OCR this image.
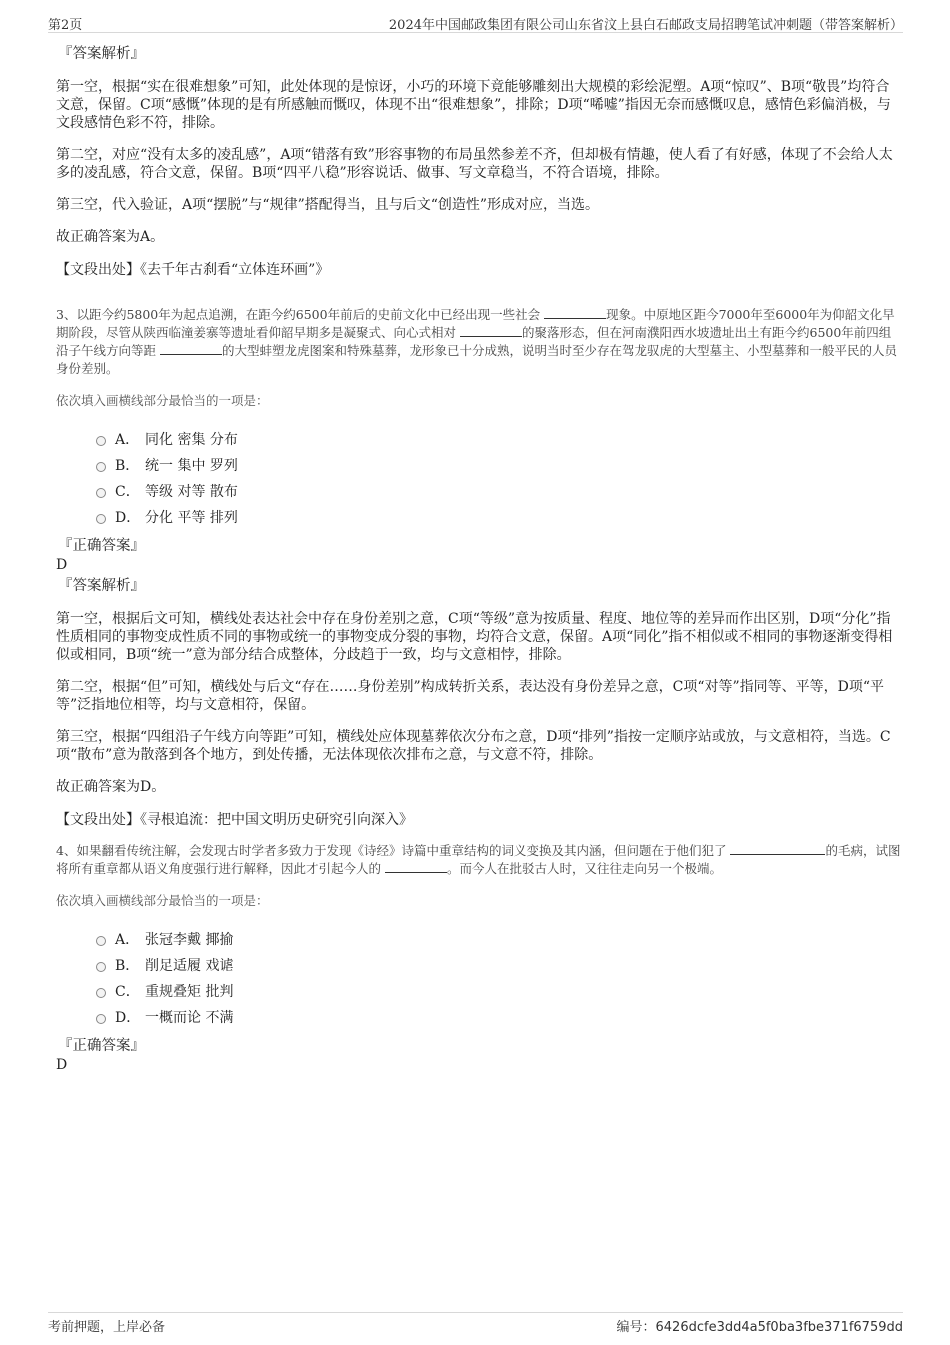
第2页	2024年中国邮政集团有限公司山东省汶上县白石邮政支局招聘笔试冲刺题（带答案解析）
『答案解析』

第一空，根据“实在很难想象”可知，此处体现的是惊讶，小巧的环境下竟能够雕刻出大规模的彩绘泥塑。A项“惊叹”、B项“敬畏”均符合文意，保留。C项“感慨”体现的是有所感触而慨叹，体现不出“很难想象”，排除；D项“唏嘘”指因无奈而感慨叹息，感情色彩偏消极，与文段感情色彩不符，排除。

第二空，对应“没有太多的凌乱感”，A项“错落有致”形容事物的布局虽然参差不齐，但却极有情趣，使人看了有好感，体现了不会给人太多的凌乱感，符合文意，保留。B项“四平八稳”形容说话、做事、写文章稳当，不符合语境，排除。

第三空，代入验证，A项“摆脱”与“规律”搭配得当，且与后文“创造性”形成对应，当选。

故正确答案为A。

【文段出处】《去千年古刹看“立体连环画”》
3、以距今约5800年为起点追溯，在距今约6500年前后的史前文化中已经出现一些社会	现象。中原地区距今7000年至6000年为仰韶文化早期阶段，尽管从陕西临潼姜寨等遗址看仰韶早期多是凝聚式、向心式相对	的聚落形态，但在河南濮阳西水坡遗址出土有距今约6500年前四组沿子午线方向等距	的大型蚌塑龙虎图案和特殊墓葬，龙形象已十分成熟，说明当时至少存在驾龙驭虎的大型墓主、小型墓葬和一般平民的人员身份差别。
依次填入画横线部分最恰当的一项是：
A． 同化 密集 分布
B． 统一 集中 罗列
C． 等级 对等 散布
D． 分化 平等 排列
『正确答案』
D
『答案解析』

第一空，根据后文可知，横线处表达社会中存在身份差别之意，C项“等级”意为按质量、程度、地位等的差异而作出区别，D项“分化”指性质相同的事物变成性质不同的事物或统一的事物变成分裂的事物，均符合文意，保留。A项“同化”指不相似或不相同的事物逐渐变得相似或相同，B项“统一”意为部分结合成整体，分歧趋于一致，均与文意相悖，排除。

第二空，根据“但”可知，横线处与后文“存在……身份差别”构成转折关系，表达没有身份差异之意，C项“对等”指同等、平等，D项“平等”泛指地位相等，均与文意相符，保留。

第三空，根据“四组沿子午线方向等距”可知，横线处应体现墓葬依次分布之意，D项“排列”指按一定顺序站或放，与文意相符，当选。C项“散布”意为散落到各个地方，到处传播，无法体现依次排布之意，与文意不符，排除。

故正确答案为D。

【文段出处】《寻根追流：把中国文明历史研究引向深入》
4、如果翻看传统注解，会发现古时学者多致力于发现《诗经》诗篇中重章结构的词义变换及其内涵，但问题在于他们犯了	的毛病，试图将所有重章都从语义角度强行进行解释，因此才引起今人的	。而今人在批驳古人时，又往往走向另一个极端。
依次填入画横线部分最恰当的一项是：
A． 张冠李戴 揶揄
B． 削足适履 戏谑
C． 重规叠矩 批判
D． 一概而论 不满
『正确答案』
D
考前押题，上岸必备	编号：6426dcfe3dd4a5f0ba3fbe371f6759dd
